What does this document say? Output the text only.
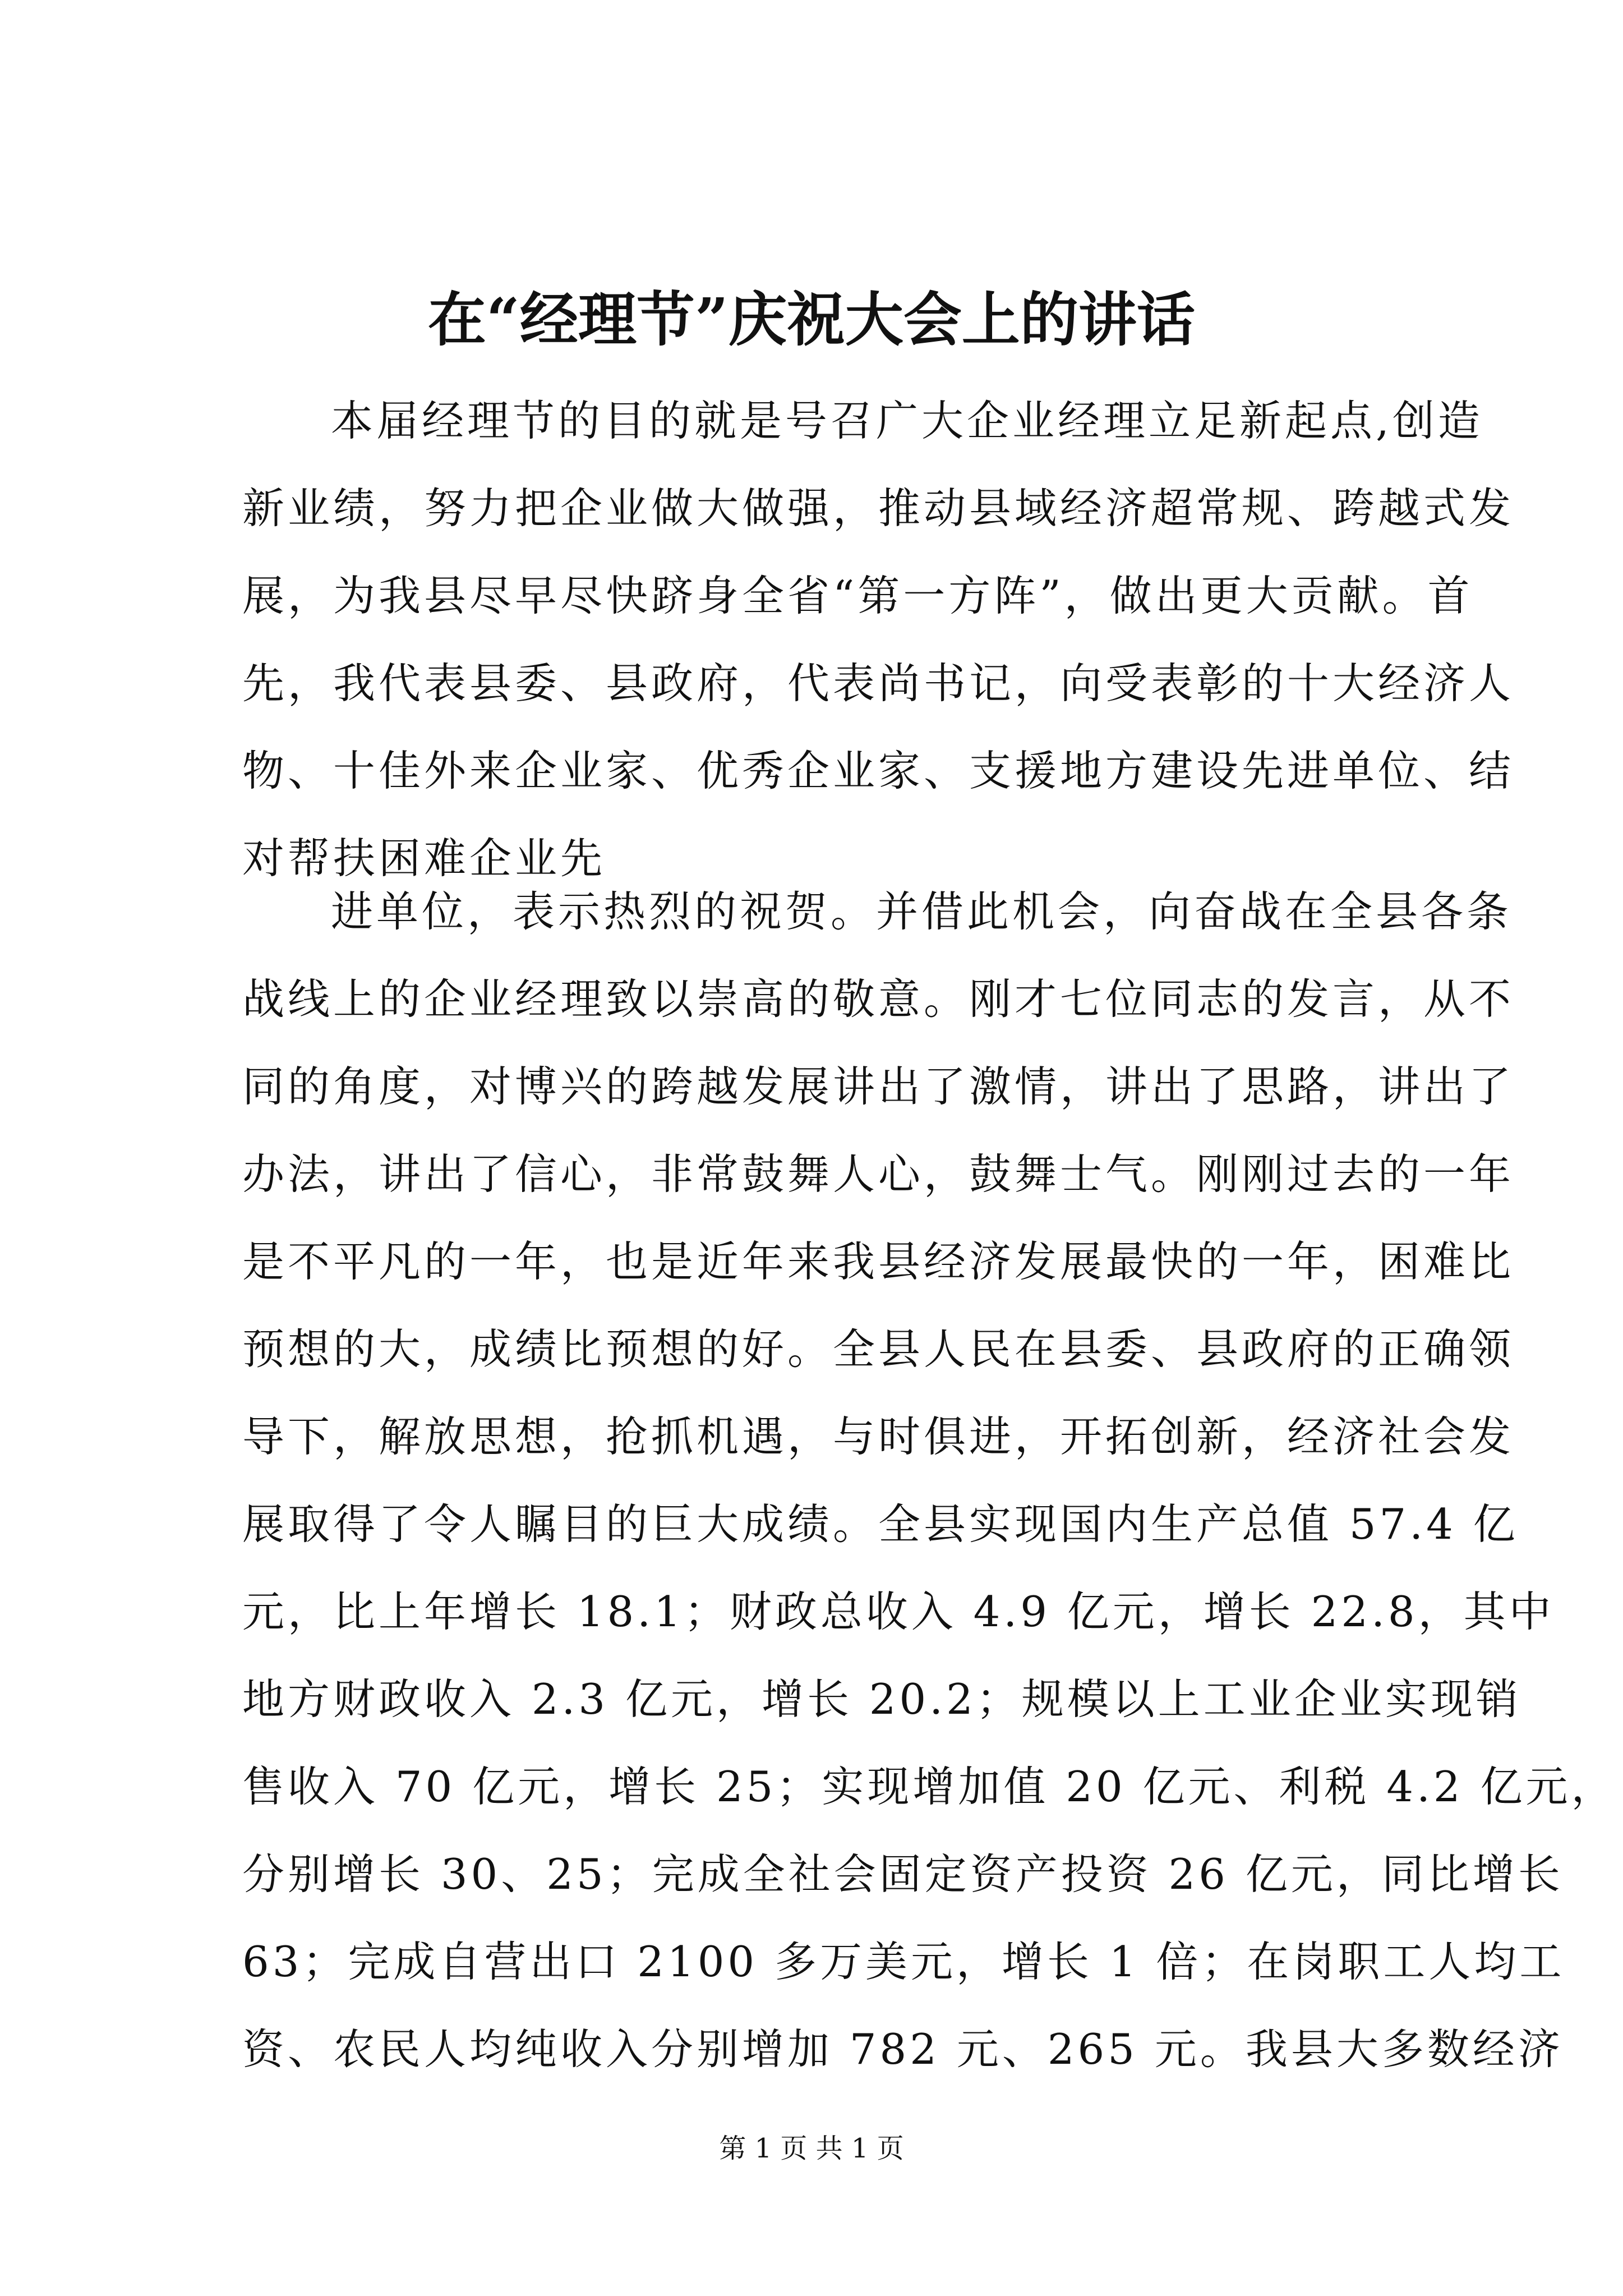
在“经理节”庆祝大会上的讲话
本届经理节的目的就是号召广大企业经理立足新起点,创造
新业绩，努力把企业做大做强，推动县域经济超常规、跨越式发
展，为我县尽早尽快跻身全省“第一方阵”，做出更大贡献。首
先，我代表县委、县政府，代表尚书记，向受表彰的十大经济人
物、十佳外来企业家、优秀企业家、支援地方建设先进单位、结
对帮扶困难企业先
进单位，表示热烈的祝贺。并借此机会，向奋战在全县各条
战线上的企业经理致以崇高的敬意。刚才七位同志的发言，从不
同的角度，对博兴的跨越发展讲出了激情，讲出了思路，讲出了
办法，讲出了信心，非常鼓舞人心，鼓舞士气。刚刚过去的一年
是不平凡的一年，也是近年来我县经济发展最快的一年，困难比
预想的大，成绩比预想的好。全县人民在县委、县政府的正确领
导下，解放思想，抢抓机遇，与时俱进，开拓创新，经济社会发
展取得了令人瞩目的巨大成绩。全县实现国内生产总值 57.4 亿
元，比上年增长 18.1；财政总收入 4.9 亿元，增长 22.8，其中
地方财政收入 2.3 亿元，增长 20.2；规模以上工业企业实现销
售收入 70 亿元，增长 25；实现增加值 20 亿元、利税 4.2 亿元，
分别增长 30、25；完成全社会固定资产投资 26 亿元，同比增长
63；完成自营出口 2100 多万美元，增长 1 倍；在岗职工人均工
资、农民人均纯收入分别增加 782 元、265 元。我县大多数经济
第 1 页 共 1 页
